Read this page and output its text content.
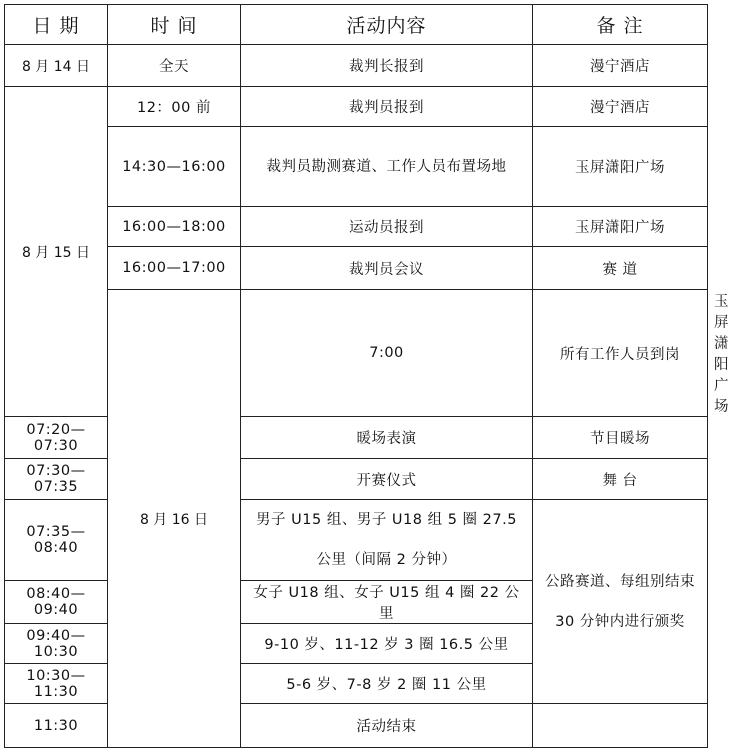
日 期	时 间	活动内容	备 注	
8 月 14 日	全天	裁判长报到	漫宁酒店	
8 月 15 日	12：00 前	裁判员报到	漫宁酒店	
	14:30—16:00	裁判员勘测赛道、工作人员布置场地	玉屏潇阳广场	
	16:00—18:00	运动员报到	玉屏潇阳广场	
	16:00—17:00	裁判员会议	赛 道	
	8 月 16 日	7:00	所有工作人员到岗	玉屏潇阳广场
07:20—07:30		暖场表演	节目暖场	
07:30—07:35		开赛仪式	舞 台	
07:35—08:40		男子 U15 组、男子 U18 组 5 圈 27.5 公里（间隔 2 分钟）	公路赛道、每组别结束 30 分钟内进行颁奖	
08:40—09:40		女子 U18 组、女子 U15 组 4 圈 22 公里		
09:40—10:30		9-10 岁、11-12 岁 3 圈 16.5 公里		
10:30—11:30		5-6 岁、7-8 岁 2 圈 11 公里		
11:30		活动结束		
